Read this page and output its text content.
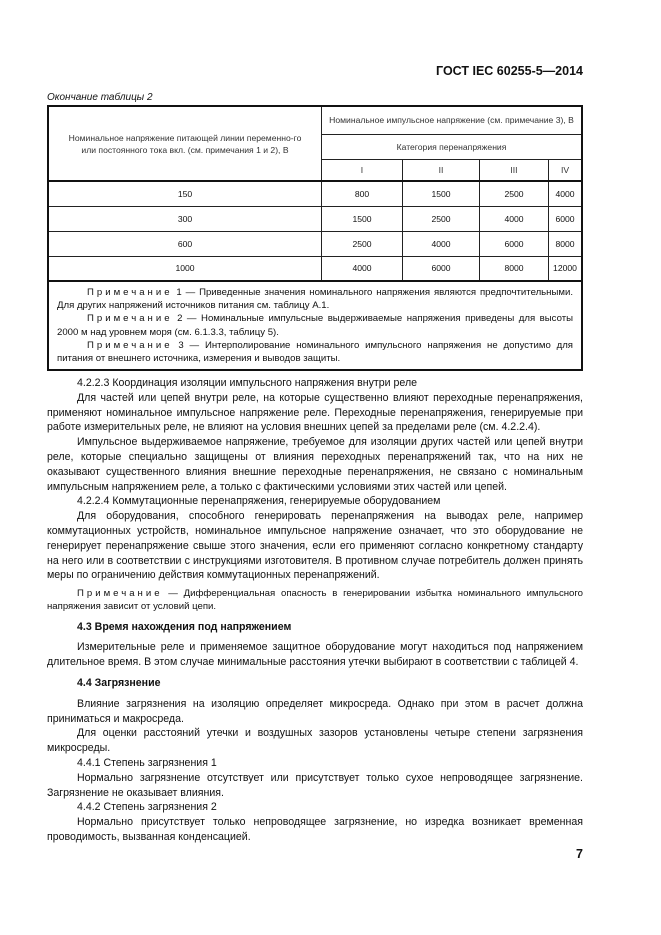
ГОСТ IEC 60255-5—2014
Окончание таблицы 2
Номинальное напряжение питающей линии переменно-го или постоянного тока вкл. (см. примечания 1 и 2), В	Номинальное импульсное напряжение (см. примечание 3), В			
	Категория перенапряжения			
	I	II	III	IV
150	800	1500	2500	4000
300	1500	2500	4000	6000
600	2500	4000	6000	8000
1000	4000	6000	8000	12000

Примечание 1 — Приведенные значения номинального напряжения являются предпочтительными. Для других напряжений источников питания см. таблицу А.1.
Примечание 2 — Номинальные импульсные выдерживаемые напряжения приведены для высоты 2000 м над уровнем моря (см. 6.1.3.3, таблицу 5).
Примечание 3 — Интерполирование номинального импульсного напряжения не допустимо для питания от внешнего источника, измерения и выводов защиты.				

4.2.2.3 Координация изоляции импульсного напряжения внутри реле

Для частей или цепей внутри реле, на которые существенно влияют переходные перенапряжения, применяют номинальное импульсное напряжение реле. Переходные перенапряжения, генерируемые при работе измерительных реле, не влияют на условия внешних цепей за пределами реле (см. 4.2.2.4).

Импульсное выдерживаемое напряжение, требуемое для изоляции других частей или цепей внутри реле, которые специально защищены от влияния переходных перенапряжений так, что на них не оказывают существенного влияния внешние переходные перенапряжения, не связано с номинальным импульсным напряжением реле, а только с фактическими условиями этих частей или цепей.

4.2.2.4 Коммутационные перенапряжения, генерируемые оборудованием

Для оборудования, способного генерировать перенапряжения на выводах реле, например коммутационных устройств, номинальное импульсное напряжение означает, что это оборудование не генерирует перенапряжение свыше этого значения, если его применяют согласно конкретному стандарту на него или в соответствии с инструкциями изготовителя. В противном случае потребитель должен принять меры по ограничению действия коммутационных перенапряжений.

Примечание — Дифференциальная опасность в генерировании избытка номинального импульсного напряжения зависит от условий цепи.

4.3 Время нахождения под напряжением

Измерительные реле и применяемое защитное оборудование могут находиться под напряжением длительное время. В этом случае минимальные расстояния утечки выбирают в соответствии с таблицей 4.

4.4 Загрязнение

Влияние загрязнения на изоляцию определяет микросреда. Однако при этом в расчет должна приниматься и макросреда.

Для оценки расстояний утечки и воздушных зазоров установлены четыре степени загрязнения микросреды.

4.4.1 Степень загрязнения 1

Нормально загрязнение отсутствует или присутствует только сухое непроводящее загрязнение. Загрязнение не оказывает влияния.

4.4.2 Степень загрязнения 2

Нормально присутствует только непроводящее загрязнение, но изредка возникает временная проводимость, вызванная конденсацией.

7
